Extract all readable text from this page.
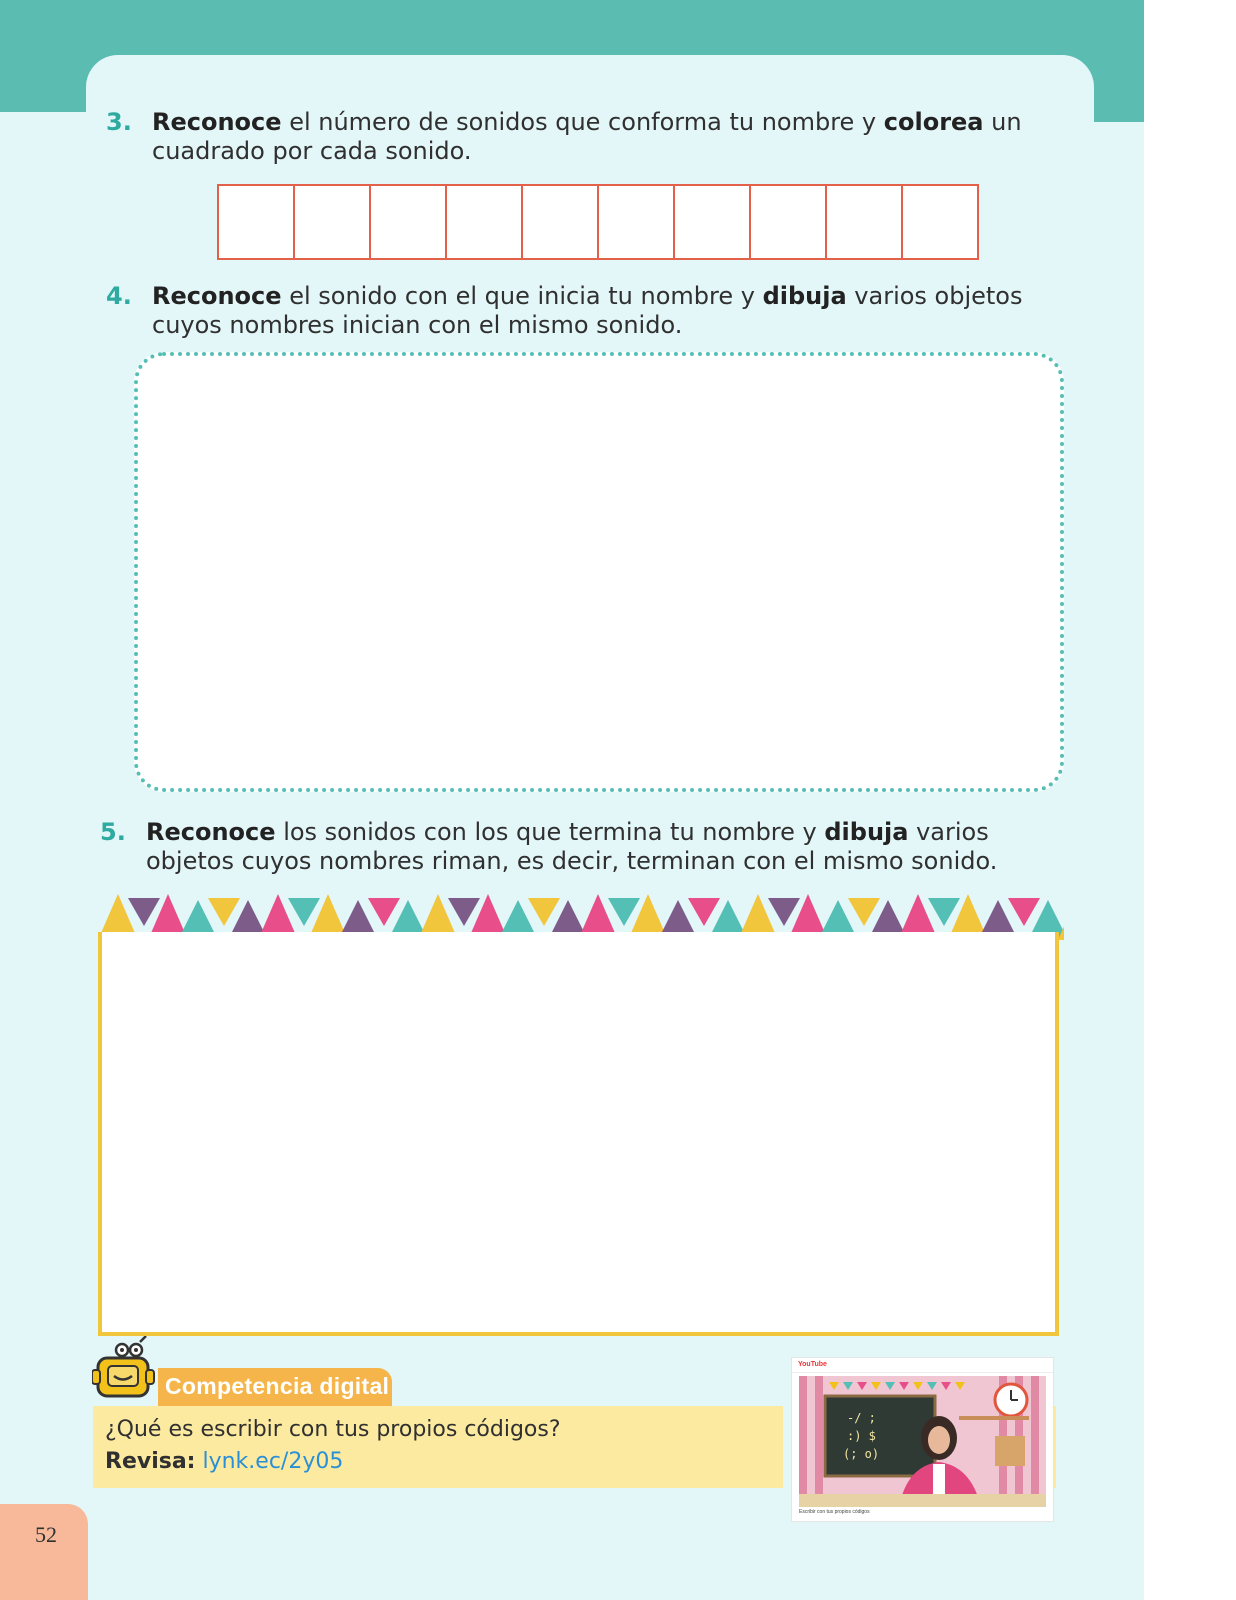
3. Reconoce el número de sonidos que conforma tu nombre y colorea un cuadrado por cada sonido.
4. Reconoce el sonido con el que inicia tu nombre y dibuja varios objetos cuyos nombres inician con el mismo sonido.
5. Reconoce los sonidos con los que termina tu nombre y dibuja varios objetos cuyos nombres riman, es decir, terminan con el mismo sonido.
Competencia digital
¿Qué es escribir con tus propios códigos?
Revisa: lynk.ec/2y05
YouTube
-/ ;
:) $
(; o)
Escribir con tus propios códigos
52
